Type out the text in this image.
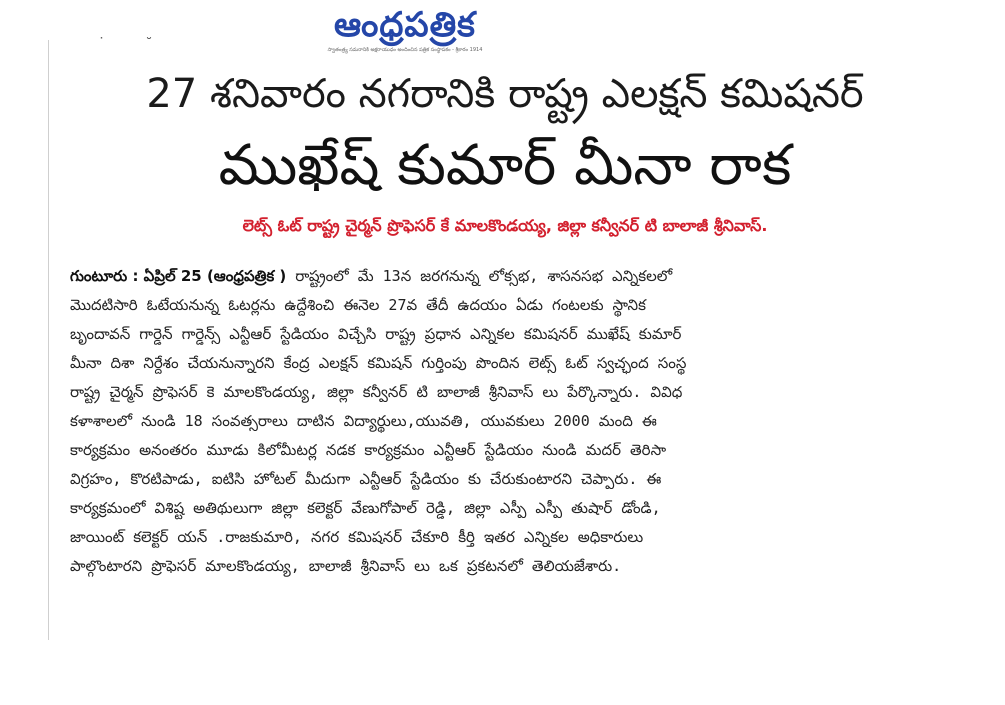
˙ ˘	ఆంధ్రపత్రిక
స్వాతంత్ర్య సమరానికి అక్షరాయుధం అందించిన పత్రిక సంస్థాపకం - శ్రీకారం 1914
27 శనివారం నగరానికి రాష్ట్ర ఎలక్షన్ కమిషనర్
ముఖేష్ కుమార్ మీనా రాక
లెట్స్ ఓట్ రాష్ట్ర చైర్మన్ ప్రొఫెసర్ కే మాలకొండయ్య, జిల్లా కన్వీనర్ టి బాలాజీ శ్రీనివాస్.
గుంటూరు : ఏప్రిల్ 25 (ఆంధ్రపత్రిక ) రాష్ట్రంలో మే 13న జరగనున్న లోక్సభ, శాసనసభ ఎన్నికలలో
మొదటిసారి ఓటేయనున్న ఓటర్లను ఉద్దేశించి ఈనెల 27వ తేదీ ఉదయం ఏడు గంటలకు స్థానిక
బృందావన్ గార్డెన్ గార్డెన్స్ ఎన్టీఆర్ స్టేడియం విచ్చేసి రాష్ట్ర ప్రధాన ఎన్నికల కమిషనర్ ముఖేష్ కుమార్
మీనా దిశా నిర్దేశం చేయనున్నారని కేంద్ర ఎలక్షన్ కమిషన్ గుర్తింపు పొందిన లెట్స్ ఓట్ స్వచ్ఛంద సంస్థ
రాష్ట్ర చైర్మన్ ప్రొఫెసర్ కె మాలకొండయ్య, జిల్లా కన్వీనర్ టి బాలాజీ శ్రీనివాస్ లు పేర్కొన్నారు. వివిధ
కళాశాలలో నుండి 18 సంవత్సరాలు దాటిన విద్యార్థులు,యువతి, యువకులు 2000 మంది ఈ
కార్యక్రమం అనంతరం మూడు కిలోమీటర్ల నడక కార్యక్రమం ఎన్టీఆర్ స్టేడియం నుండి మదర్ తెరిసా
విగ్రహం, కొరటిపాడు, ఐటిసి హోటల్ మీదుగా ఎన్టీఆర్ స్టేడియం కు చేరుకుంటారని చెప్పారు. ఈ
కార్యక్రమంలో విశిష్ట అతిథులుగా జిల్లా కలెక్టర్ వేణుగోపాల్ రెడ్డి, జిల్లా ఎస్పీ ఎస్పీ తుషార్ డోండి,
జాయింట్ కలెక్టర్ యన్ .రాజకుమారి, నగర కమిషనర్ చేకూరి కీర్తి ఇతర ఎన్నికల అధికారులు
పాల్గొంటారని ప్రొఫెసర్ మాలకొండయ్య, బాలాజీ శ్రీనివాస్ లు ఒక ప్రకటనలో తెలియజేశారు.
